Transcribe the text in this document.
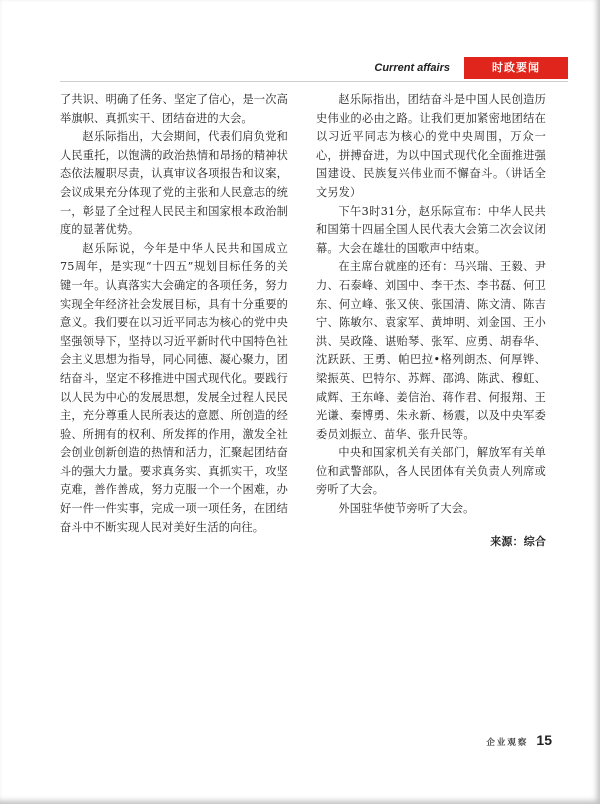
Current affairs	时政要闻

了共识、明确了任务、坚定了信心，是一次高举旗帜、真抓实干、团结奋进的大会。

赵乐际指出，大会期间，代表们肩负党和人民重托，以饱满的政治热情和昂扬的精神状态依法履职尽责，认真审议各项报告和议案，会议成果充分体现了党的主张和人民意志的统一，彰显了全过程人民民主和国家根本政治制度的显著优势。

赵乐际说，今年是中华人民共和国成立75周年，是实现“十四五”规划目标任务的关键一年。认真落实大会确定的各项任务，努力实现全年经济社会发展目标，具有十分重要的意义。我们要在以习近平同志为核心的党中央坚强领导下，坚持以习近平新时代中国特色社会主义思想为指导，同心同德、凝心聚力，团结奋斗，坚定不移推进中国式现代化。要践行以人民为中心的发展思想，发展全过程人民民主，充分尊重人民所表达的意愿、所创造的经验、所拥有的权利、所发挥的作用，激发全社会创业创新创造的热情和活力，汇聚起团结奋斗的强大力量。要求真务实、真抓实干，攻坚克难，善作善成，努力克服一个一个困难，办好一件一件实事，完成一项一项任务，在团结奋斗中不断实现人民对美好生活的向往。

赵乐际指出，团结奋斗是中国人民创造历史伟业的必由之路。让我们更加紧密地团结在以习近平同志为核心的党中央周围，万众一心，拼搏奋进，为以中国式现代化全面推进强国建设、民族复兴伟业而不懈奋斗。（讲话全文另发）

下午3时31分，赵乐际宣布：中华人民共和国第十四届全国人民代表大会第二次会议闭幕。大会在雄壮的国歌声中结束。

在主席台就座的还有：马兴瑞、王毅、尹力、石泰峰、刘国中、李干杰、李书磊、何卫东、何立峰、张又侠、张国清、陈文清、陈吉宁、陈敏尔、袁家军、黄坤明、刘金国、王小洪、吴政隆、谌贻琴、张军、应勇、胡春华、沈跃跃、王勇、帕巴拉•格列朗杰、何厚铧、梁振英、巴特尔、苏辉、邵鸿、陈武、穆虹、咸辉、王东峰、姜信治、蒋作君、何报翔、王光谦、秦博勇、朱永新、杨震，以及中央军委委员刘振立、苗华、张升民等。

中央和国家机关有关部门，解放军有关单位和武警部队，各人民团体有关负责人列席或旁听了大会。

外国驻华使节旁听了大会。

来源：综合

企业观察 15
